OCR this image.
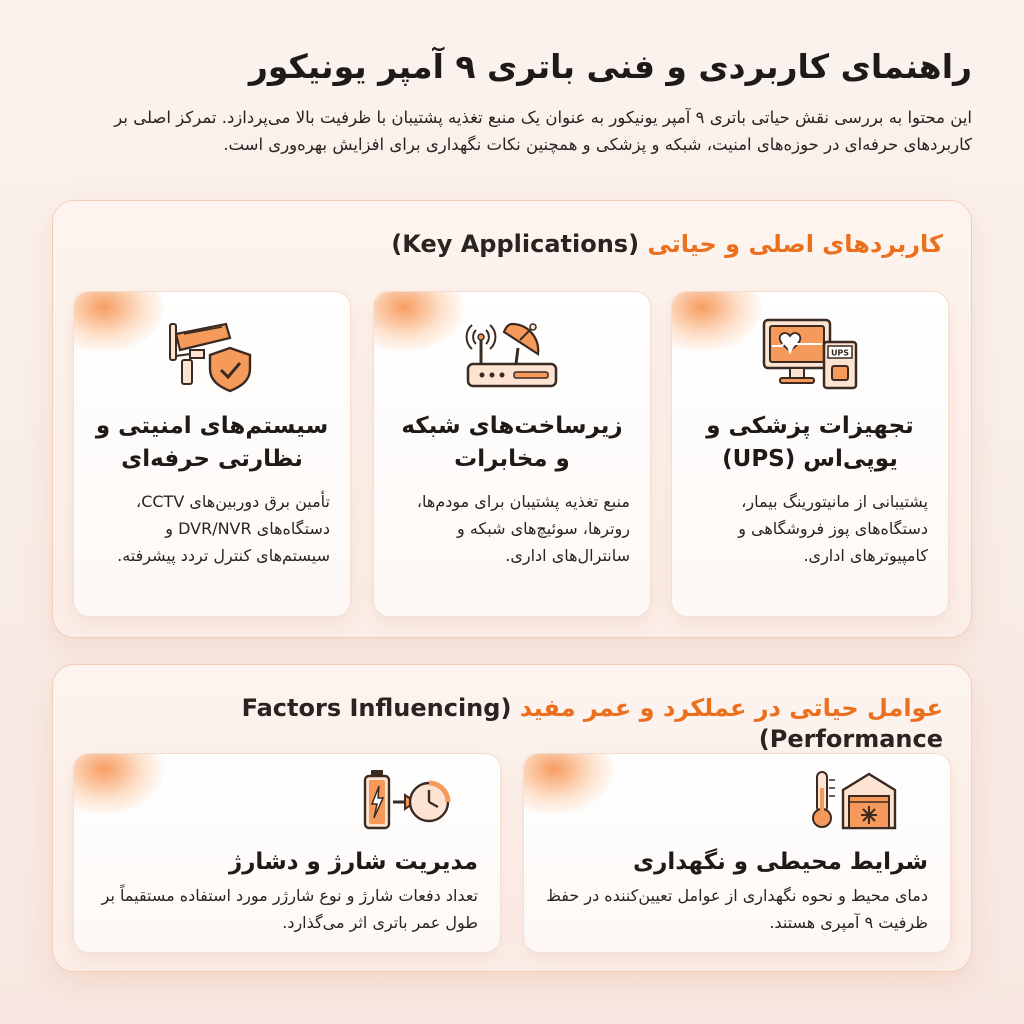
راهنمای کاربردی و فنی باتری ۹ آمپر یونیکور

این محتوا به بررسی نقش حیاتی باتری ۹ آمپر یونیکور به عنوان یک منبع تغذیه پشتیبان با ظرفیت بالا می‌پردازد. تمرکز اصلی بر کاربردهای حرفه‌ای در حوزه‌های امنیت، شبکه و پزشکی و همچنین نکات نگهداری برای افزایش بهره‌وری است.

کاربردهای اصلی و حیاتی (Key Applications)
UPS
تجهیزات پزشکی و یوپی‌اس (UPS)

پشتیبانی از مانیتورینگ بیمار، دستگاه‌های پوز فروشگاهی و کامپیوترهای اداری.

زیرساخت‌های شبکه و مخابرات

منبع تغذیه پشتیبان برای مودم‌ها، روترها، سوئیچ‌های شبکه و سانترال‌های اداری.

سیستم‌های امنیتی و نظارتی حرفه‌ای

تأمین برق دوربین‌های CCTV، دستگاه‌های DVR/NVR و سیستم‌های کنترل تردد پیشرفته.

عوامل حیاتی در عملکرد و عمر مفید (Factors Influencing Performance)
شرایط محیطی و نگهداری

دمای محیط و نحوه نگهداری از عوامل تعیین‌کننده در حفظ ظرفیت ۹ آمپری هستند.

مدیریت شارژ و دشارژ

تعداد دفعات شارژ و نوع شارژر مورد استفاده مستقیماً بر طول عمر باتری اثر می‌گذارد.
